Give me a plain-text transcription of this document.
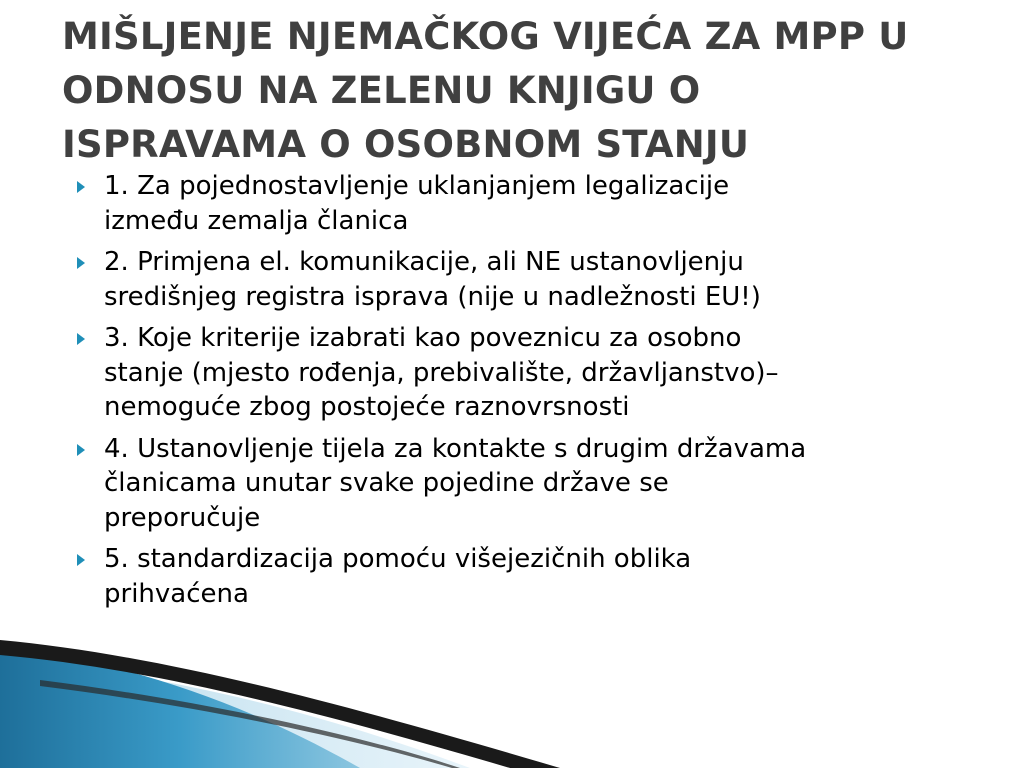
MIŠLJENJE NJEMAČKOG VIJEĆA ZA MPP U
ODNOSU NA ZELENU KNJIGU O
ISPRAVAMA O OSOBNOM STANJU
1. Za pojednostavljenje uklanjanjem legalizacije
između zemalja članica
2. Primjena el. komunikacije, ali NE ustanovljenju
središnjeg registra isprava (nije u nadležnosti EU!)
3. Koje kriterije izabrati kao poveznicu za osobno
stanje (mjesto rođenja, prebivalište, državljanstvo)–
nemoguće zbog postojeće raznovrsnosti
4. Ustanovljenje tijela za kontakte s drugim državama
članicama unutar svake pojedine države se
preporučuje
5. standardizacija pomoću višejezičnih oblika
prihvaćena
